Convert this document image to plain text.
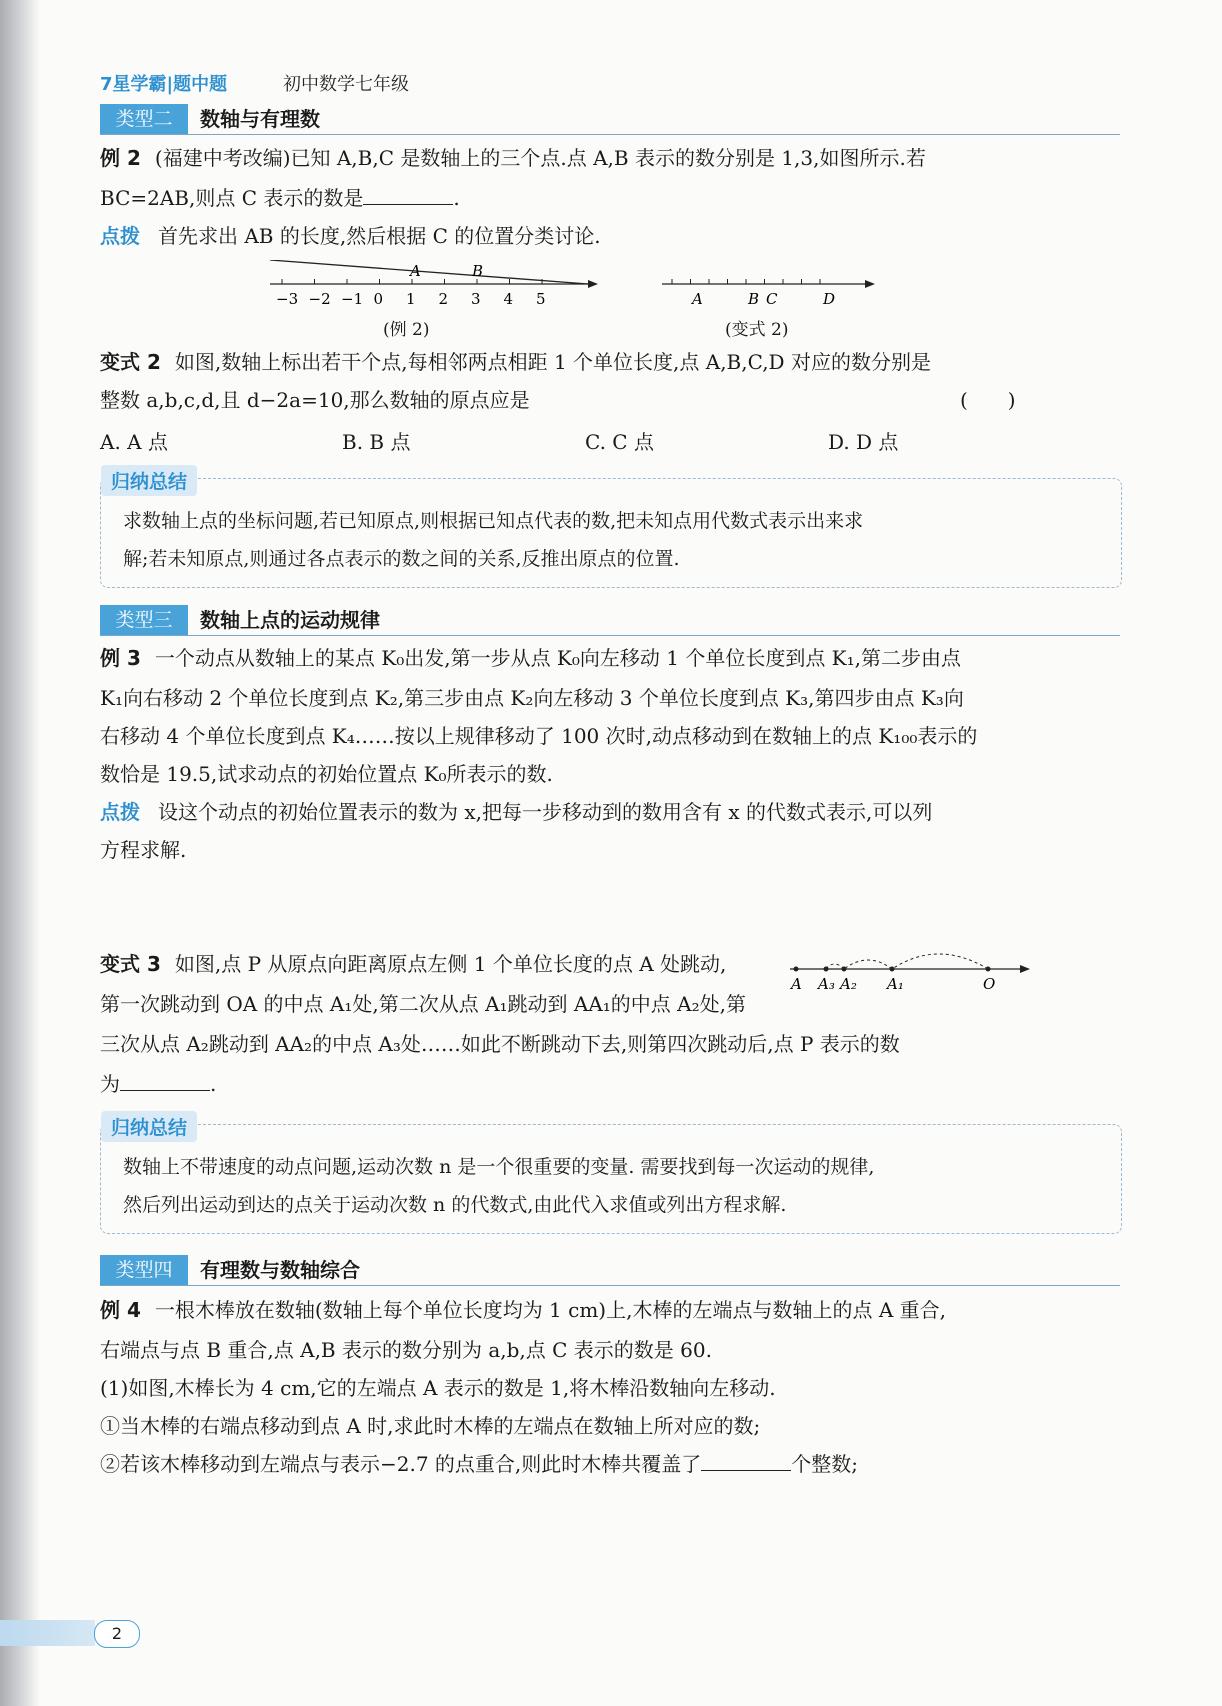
7星学霸|题中题	初中数学七年级
类型二	数轴与有理数
例 2 (福建中考改编)已知 A,B,C 是数轴上的三个点.点 A,B 表示的数分别是 1,3,如图所示.若
BC=2AB,则点 C 表示的数是	.
点拨 首先求出 AB 的长度,然后根据 C 的位置分类讨论.
−3 −2 −1 0 1 2 3 4 5
A	B
(例 2)
A	B C	D
(变式 2)
变式 2 如图,数轴上标出若干个点,每相邻两点相距 1 个单位长度,点 A,B,C,D 对应的数分别是
整数 a,b,c,d,且 d−2a=10,那么数轴的原点应是	(　　)
A. A 点	B. B 点	C. C 点	D. D 点
归纳总结
求数轴上点的坐标问题,若已知原点,则根据已知点代表的数,把未知点用代数式表示出来求
解;若未知原点,则通过各点表示的数之间的关系,反推出原点的位置.
类型三	数轴上点的运动规律
例 3 一个动点从数轴上的某点 K₀出发,第一步从点 K₀向左移动 1 个单位长度到点 K₁,第二步由点
K₁向右移动 2 个单位长度到点 K₂,第三步由点 K₂向左移动 3 个单位长度到点 K₃,第四步由点 K₃向
右移动 4 个单位长度到点 K₄……按以上规律移动了 100 次时,动点移动到在数轴上的点 K₁₀₀表示的
数恰是 19.5,试求动点的初始位置点 K₀所表示的数.
点拨 设这个动点的初始位置表示的数为 x,把每一步移动到的数用含有 x 的代数式表示,可以列
方程求解.
变式 3 如图,点 P 从原点向距离原点左侧 1 个单位长度的点 A 处跳动,
A A₃ A₂ A₁	O
第一次跳动到 OA 的中点 A₁处,第二次从点 A₁跳动到 AA₁的中点 A₂处,第
三次从点 A₂跳动到 AA₂的中点 A₃处……如此不断跳动下去,则第四次跳动后,点 P 表示的数
为	.
归纳总结
数轴上不带速度的动点问题,运动次数 n 是一个很重要的变量. 需要找到每一次运动的规律,
然后列出运动到达的点关于运动次数 n 的代数式,由此代入求值或列出方程求解.
类型四	有理数与数轴综合
例 4 一根木棒放在数轴(数轴上每个单位长度均为 1 cm)上,木棒的左端点与数轴上的点 A 重合,
右端点与点 B 重合,点 A,B 表示的数分别为 a,b,点 C 表示的数是 60.
(1)如图,木棒长为 4 cm,它的左端点 A 表示的数是 1,将木棒沿数轴向左移动.
①当木棒的右端点移动到点 A 时,求此时木棒的左端点在数轴上所对应的数;
②若该木棒移动到左端点与表示−2.7 的点重合,则此时木棒共覆盖了	个整数;
2
